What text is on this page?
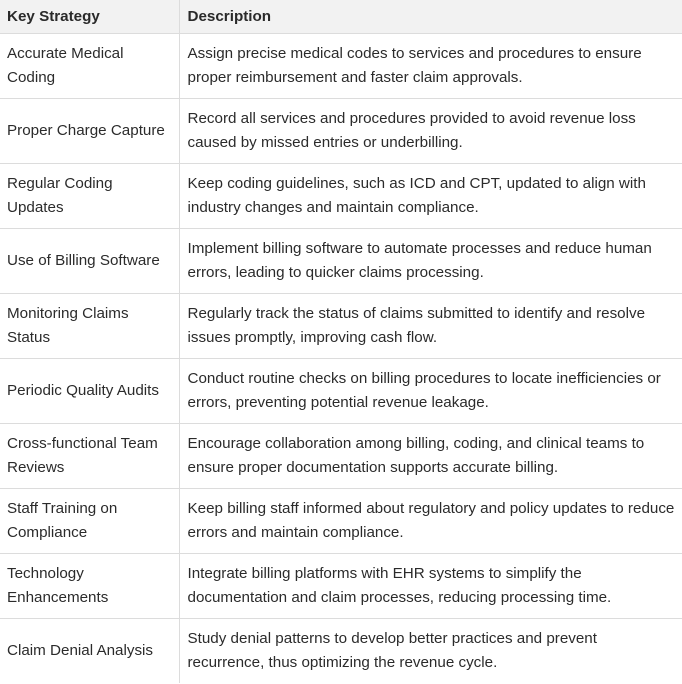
Key Strategy	Description
Accurate Medical Coding	Assign precise medical codes to services and procedures to ensure proper reimbursement and faster claim approvals.
Proper Charge Capture	Record all services and procedures provided to avoid revenue loss caused by missed entries or underbilling.
Regular Coding Updates	Keep coding guidelines, such as ICD and CPT, updated to align with industry changes and maintain compliance.
Use of Billing Software	Implement billing software to automate processes and reduce human errors, leading to quicker claims processing.
Monitoring Claims Status	Regularly track the status of claims submitted to identify and resolve issues promptly, improving cash flow.
Periodic Quality Audits	Conduct routine checks on billing procedures to locate inefficiencies or errors, preventing potential revenue leakage.
Cross-functional Team Reviews	Encourage collaboration among billing, coding, and clinical teams to ensure proper documentation supports accurate billing.
Staff Training on Compliance	Keep billing staff informed about regulatory and policy updates to reduce errors and maintain compliance.
Technology Enhancements	Integrate billing platforms with EHR systems to simplify the documentation and claim processes, reducing processing time.
Claim Denial Analysis	Study denial patterns to develop better practices and prevent recurrence, thus optimizing the revenue cycle.
